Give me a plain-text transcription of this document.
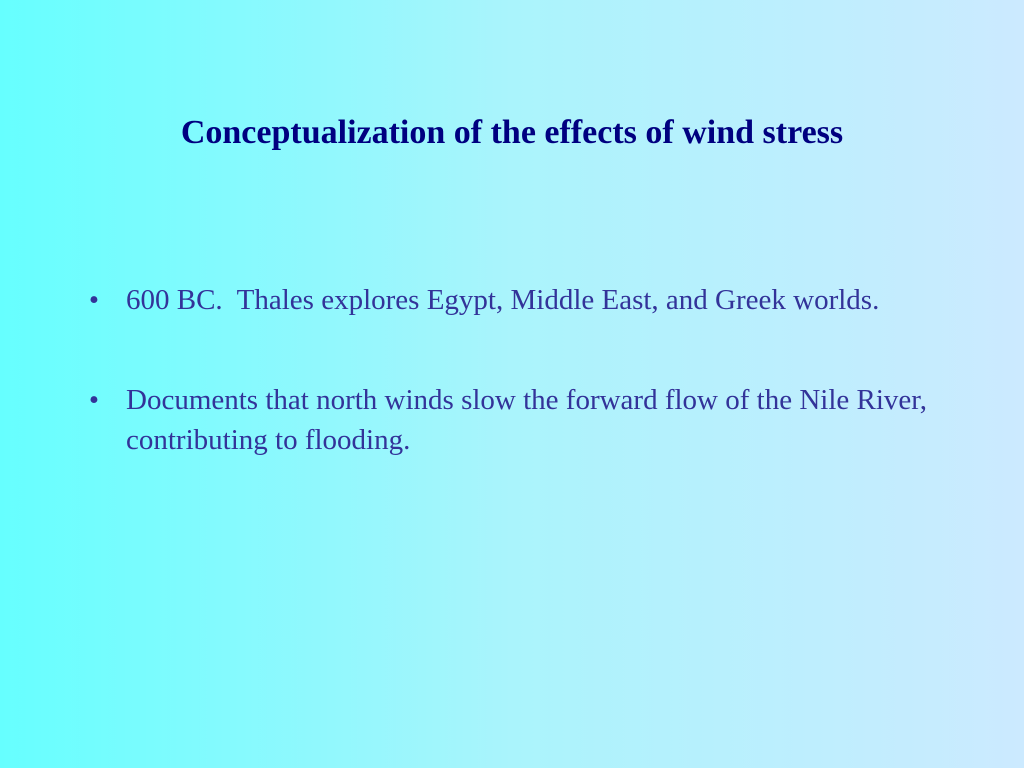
Conceptualization of the effects of wind stress
• 600 BC.  Thales explores Egypt, Middle East, and Greek worlds.
• Documents that north winds slow the forward flow of the Nile River, contributing to flooding.
